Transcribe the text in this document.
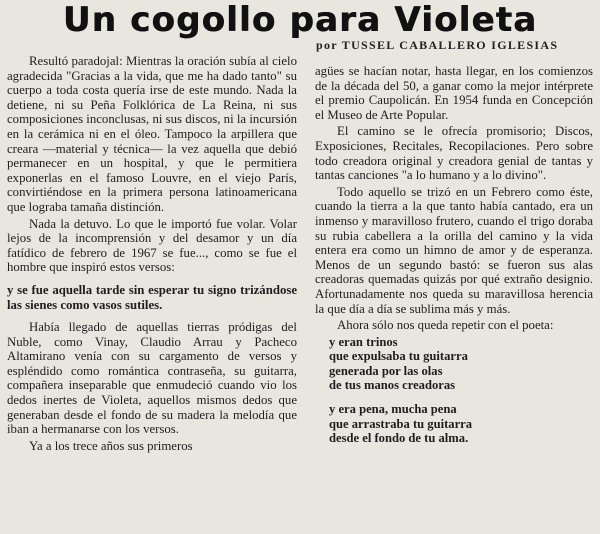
Un cogollo para Violeta
por TUSSEL CABALLERO IGLESIAS

Resultó paradojal: Mientras la oración subía al cielo agradecida "Gracias a la vida, que me ha dado tanto" su cuerpo a toda costa quería irse de este mundo. Nada la detiene, ni su Peña Folklórica de La Reina, ni sus composiciones inconclusas, ni sus discos, ni la incursión en la cerámica ni en el óleo. Tampoco la arpillera que creara —material y técnica— la vez aquella que debió permanecer en un hospital, y que le permitiera exponerlas en el famoso Louvre, en el viejo París, convirtiéndose en la primera persona latinoamericana que lograba tamaña distinción.

Nada la detuvo. Lo que le importó fue volar. Volar lejos de la incomprensión y del desamor y un día fatídico de febrero de 1967 se fue..., como se fue el hombre que inspiró estos versos:

y se fue aquella tarde sin esperar tu signo trizándose las sienes como vasos sutiles.

Había llegado de aquellas tierras pródigas del Nuble, como Vinay, Claudio Arrau y Pacheco Altamirano venía con su cargamento de versos y espléndido como romántica contraseña, su guitarra, compañera inseparable que enmudeció cuando vio los dedos inertes de Violeta, aquellos mismos dedos que generaban desde el fondo de su madera la melodía que iban a hermanarse con los versos.

Ya a los trece años sus primeros

agües se hacían notar, hasta llegar, en los comienzos de la década del 50, a ganar como la mejor intérprete el premio Caupolicán. En 1954 funda en Concepción el Museo de Arte Popular.

El camino se le ofrecía promisorio; Discos, Exposiciones, Recitales, Recopilaciones. Pero sobre todo creadora original y creadora genial de tantas y tantas canciones "a lo humano y a lo divino".

Todo aquello se trizó en un Febrero como éste, cuando la tierra a la que tanto había cantado, era un inmenso y maravilloso frutero, cuando el trigo doraba su rubia cabellera a la orilla del camino y la vida entera era como un himno de amor y de esperanza. Menos de un segundo bastó: se fueron sus alas creadoras quemadas quizás por qué extraño designio. Afortunadamente nos queda su maravillosa herencia la que día a día se sublima más y más.

Ahora sólo nos queda repetir con el poeta:

y eran trinos
que expulsaba tu guitarra
generada por las olas
de tus manos creadoras
y era pena, mucha pena
que arrastraba tu guitarra
desde el fondo de tu alma.
